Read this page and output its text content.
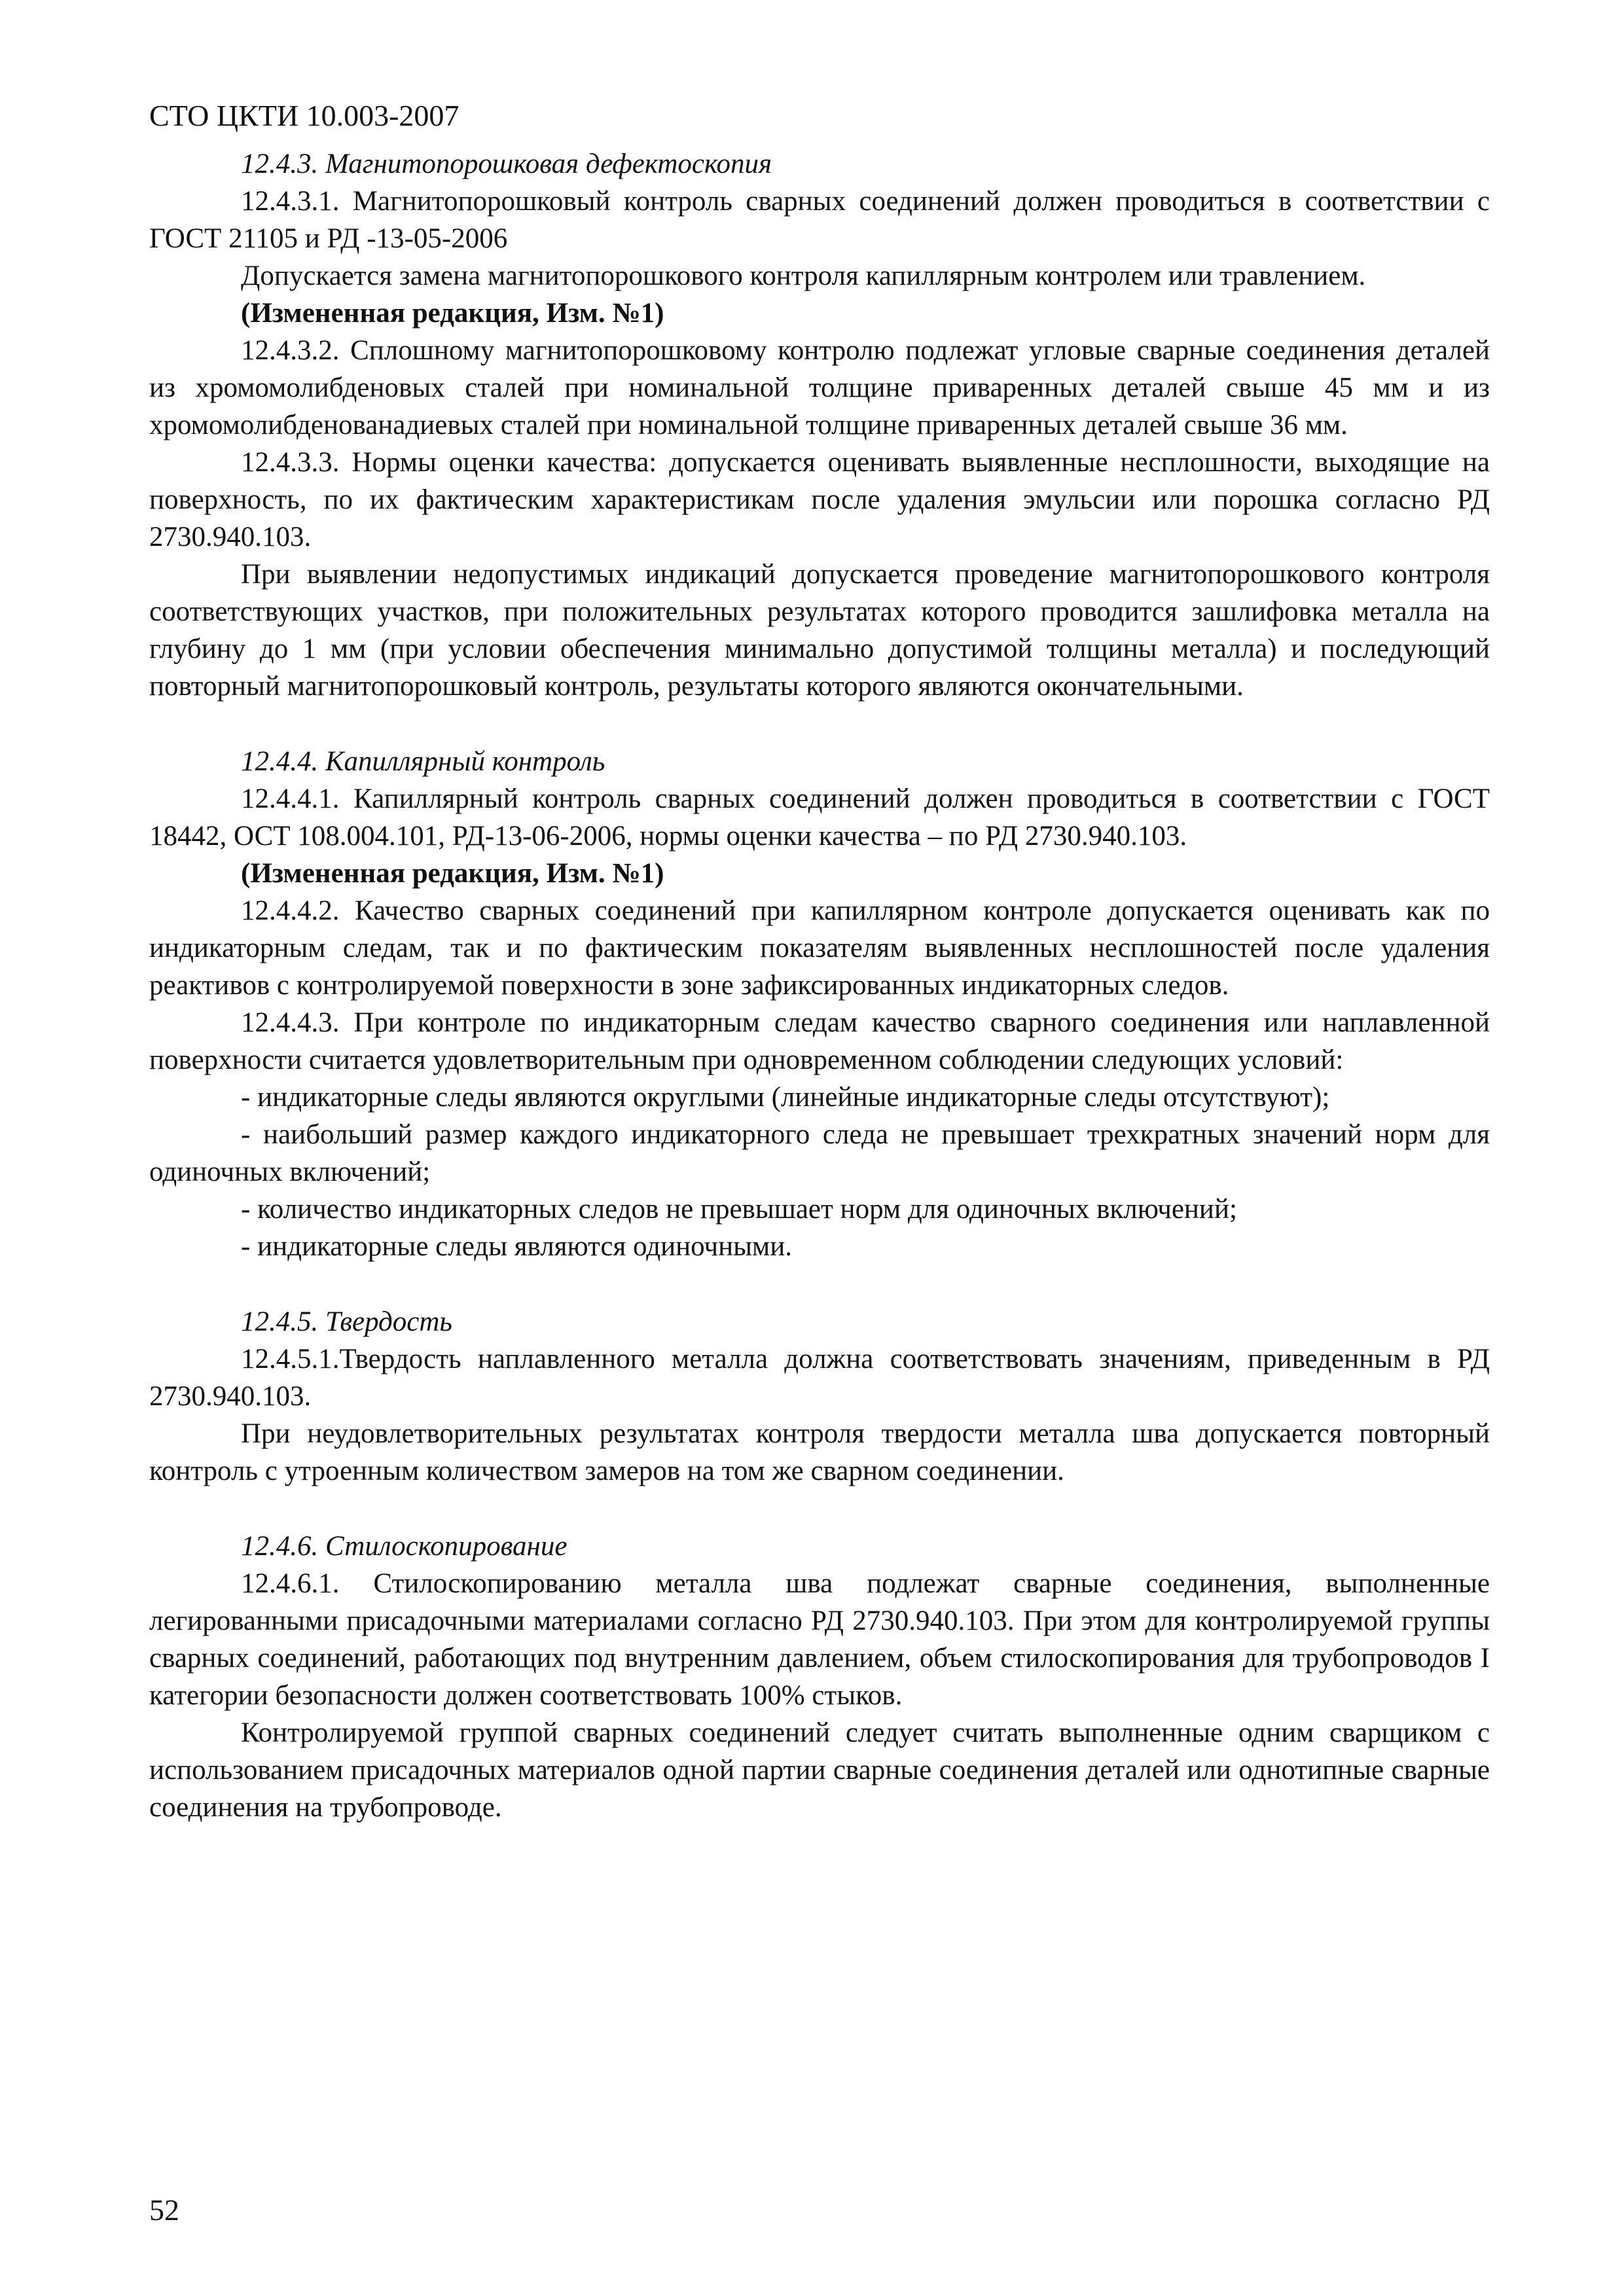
СТО ЦКТИ 10.003-2007

12.4.3. Магнитопорошковая дефектоскопия

12.4.3.1. Магнитопорошковый контроль сварных соединений должен проводиться в соответствии с ГОСТ 21105 и РД -13-05-2006

Допускается замена магнитопорошкового контроля капиллярным контролем или травлением.

(Измененная редакция, Изм. №1)

12.4.3.2. Сплошному магнитопорошковому контролю подлежат угловые сварные соединения деталей из хромомолибденовых сталей при номинальной толщине приваренных деталей свыше 45 мм и из хромомолибденованадиевых сталей при номинальной толщине приваренных деталей свыше 36 мм.

12.4.3.3. Нормы оценки качества: допускается оценивать выявленные несплошности, выходящие на поверхность, по их фактическим характеристикам после удаления эмульсии или порошка согласно РД 2730.940.103.

При выявлении недопустимых индикаций допускается проведение магнитопорошкового контроля соответствующих участков, при положительных результатах которого проводится зашлифовка металла на глубину до 1 мм (при условии обеспечения минимально допустимой толщины металла) и последующий повторный магнитопорошковый контроль, результаты которого являются окончательными.

12.4.4. Капиллярный контроль

12.4.4.1. Капиллярный контроль сварных соединений должен проводиться в соответствии с ГОСТ 18442, ОСТ 108.004.101, РД-13-06-2006, нормы оценки качества – по РД 2730.940.103.

(Измененная редакция, Изм. №1)

12.4.4.2. Качество сварных соединений при капиллярном контроле допускается оценивать как по индикаторным следам, так и по фактическим показателям выявленных несплошностей после удаления реактивов с контролируемой поверхности в зоне зафиксированных индикаторных следов.

12.4.4.3. При контроле по индикаторным следам качество сварного соединения или наплавленной поверхности считается удовлетворительным при одновременном соблюдении следующих условий:

- индикаторные следы являются округлыми (линейные индикаторные следы отсутствуют);

- наибольший размер каждого индикаторного следа не превышает трехкратных значений норм для одиночных включений;

- количество индикаторных следов не превышает норм для одиночных включений;

- индикаторные следы являются одиночными.

12.4.5. Твердость

12.4.5.1.Твердость наплавленного металла должна соответствовать значениям, приведенным в РД 2730.940.103.

При неудовлетворительных результатах контроля твердости металла шва допускается повторный контроль с утроенным количеством замеров на том же сварном соединении.

12.4.6. Стилоскопирование

12.4.6.1. Стилоскопированию металла шва подлежат сварные соединения, выполненные легированными присадочными материалами согласно РД 2730.940.103. При этом для контролируемой группы сварных соединений, работающих под внутренним давлением, объем стилоскопирования для трубопроводов I категории безопасности должен соответствовать 100% стыков.

Контролируемой группой сварных соединений следует считать выполненные одним сварщиком с использованием присадочных материалов одной партии сварные соединения деталей или однотипные сварные соединения на трубопроводе.

52
